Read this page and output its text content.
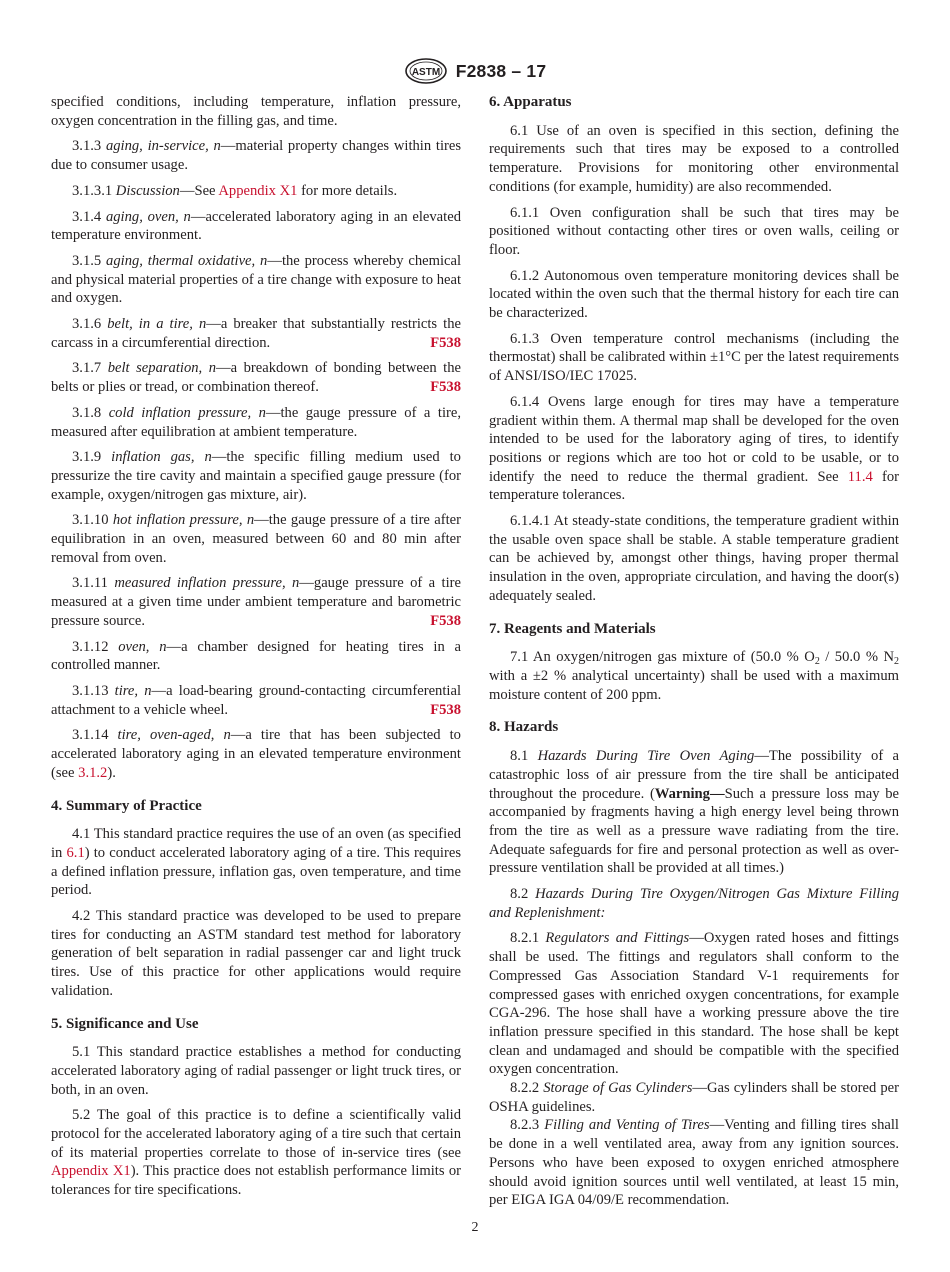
ASTM F2838 – 17

specified conditions, including temperature, inflation pressure, oxygen concentration in the filling gas, and time.

3.1.3 aging, in-service, n—material property changes within tires due to consumer usage.

3.1.3.1 Discussion—See Appendix X1 for more details.

3.1.4 aging, oven, n—accelerated laboratory aging in an elevated temperature environment.

3.1.5 aging, thermal oxidative, n—the process whereby chemical and physical material properties of a tire change with exposure to heat and oxygen.

3.1.6 belt, in a tire, n—a breaker that substantially restricts the carcass in a circumferential direction.	F538

3.1.7 belt separation, n—a breakdown of bonding between the belts or plies or tread, or combination thereof.	F538

3.1.8 cold inflation pressure, n—the gauge pressure of a tire, measured after equilibration at ambient temperature.

3.1.9 inflation gas, n—the specific filling medium used to pressurize the tire cavity and maintain a specified gauge pressure (for example, oxygen/nitrogen gas mixture, air).

3.1.10 hot inflation pressure, n—the gauge pressure of a tire after equilibration in an oven, measured between 60 and 80 min after removal from oven.

3.1.11 measured inflation pressure, n—gauge pressure of a tire measured at a given time under ambient temperature and barometric pressure source.	F538

3.1.12 oven, n—a chamber designed for heating tires in a controlled manner.

3.1.13 tire, n—a load-bearing ground-contacting circumferential attachment to a vehicle wheel.	F538

3.1.14 tire, oven-aged, n—a tire that has been subjected to accelerated laboratory aging in an elevated temperature environment (see 3.1.2).

4. Summary of Practice

4.1 This standard practice requires the use of an oven (as specified in 6.1) to conduct accelerated laboratory aging of a tire. This requires a defined inflation pressure, inflation gas, oven temperature, and time period.

4.2 This standard practice was developed to be used to prepare tires for conducting an ASTM standard test method for laboratory generation of belt separation in radial passenger car and light truck tires. Use of this practice for other applications would require validation.

5. Significance and Use

5.1 This standard practice establishes a method for conducting accelerated laboratory aging of radial passenger or light truck tires, or both, in an oven.

5.2 The goal of this practice is to define a scientifically valid protocol for the accelerated laboratory aging of a tire such that certain of its material properties correlate to those of in-service tires (see Appendix X1). This practice does not establish performance limits or tolerances for tire specifications.

6. Apparatus

6.1 Use of an oven is specified in this section, defining the requirements such that tires may be exposed to a controlled temperature. Provisions for monitoring other environmental conditions (for example, humidity) are also recommended.

6.1.1 Oven configuration shall be such that tires may be positioned without contacting other tires or oven walls, ceiling or floor.

6.1.2 Autonomous oven temperature monitoring devices shall be located within the oven such that the thermal history for each tire can be characterized.

6.1.3 Oven temperature control mechanisms (including the thermostat) shall be calibrated within ±1°C per the latest requirements of ANSI/ISO/IEC 17025.

6.1.4 Ovens large enough for tires may have a temperature gradient within them. A thermal map shall be developed for the oven intended to be used for the laboratory aging of tires, to identify positions or regions which are too hot or cold to be usable, or to identify the need to reduce the thermal gradient. See 11.4 for temperature tolerances.

6.1.4.1 At steady-state conditions, the temperature gradient within the usable oven space shall be stable. A stable temperature gradient can be achieved by, amongst other things, having proper thermal insulation in the oven, appropriate circulation, and having the door(s) adequately sealed.

7. Reagents and Materials

7.1 An oxygen/nitrogen gas mixture of (50.0 % $O_2 / 50.0$ % $N_2$ with a ±2 % analytical uncertainty) shall be used with a maximum moisture content of 200 ppm.

8. Hazards

8.1 Hazards During Tire Oven Aging—The possibility of a catastrophic loss of air pressure from the tire shall be anticipated throughout the procedure. (Warning—Such a pressure loss may be accompanied by fragments having a high energy level being thrown from the tire as well as a pressure wave radiating from the tire. Adequate safeguards for fire and personal protection as well as over-pressure ventilation shall be provided at all times.)

8.2 Hazards During Tire Oxygen/Nitrogen Gas Mixture Filling and Replenishment:

8.2.1 Regulators and Fittings—Oxygen rated hoses and fittings shall be used. The fittings and regulators shall conform to the Compressed Gas Association Standard V-1 requirements for compressed gases with enriched oxygen concentrations, for example CGA-296. The hose shall have a working pressure above the tire inflation pressure specified in this standard. The hose shall be kept clean and undamaged and should be compatible with the specified oxygen concentration.

8.2.2 Storage of Gas Cylinders—Gas cylinders shall be stored per OSHA guidelines.

8.2.3 Filling and Venting of Tires—Venting and filling tires shall be done in a well ventilated area, away from any ignition sources. Persons who have been exposed to oxygen enriched atmosphere should avoid ignition sources until well ventilated, at least 15 min, per EIGA IGA 04/09/E recommendation.

2
